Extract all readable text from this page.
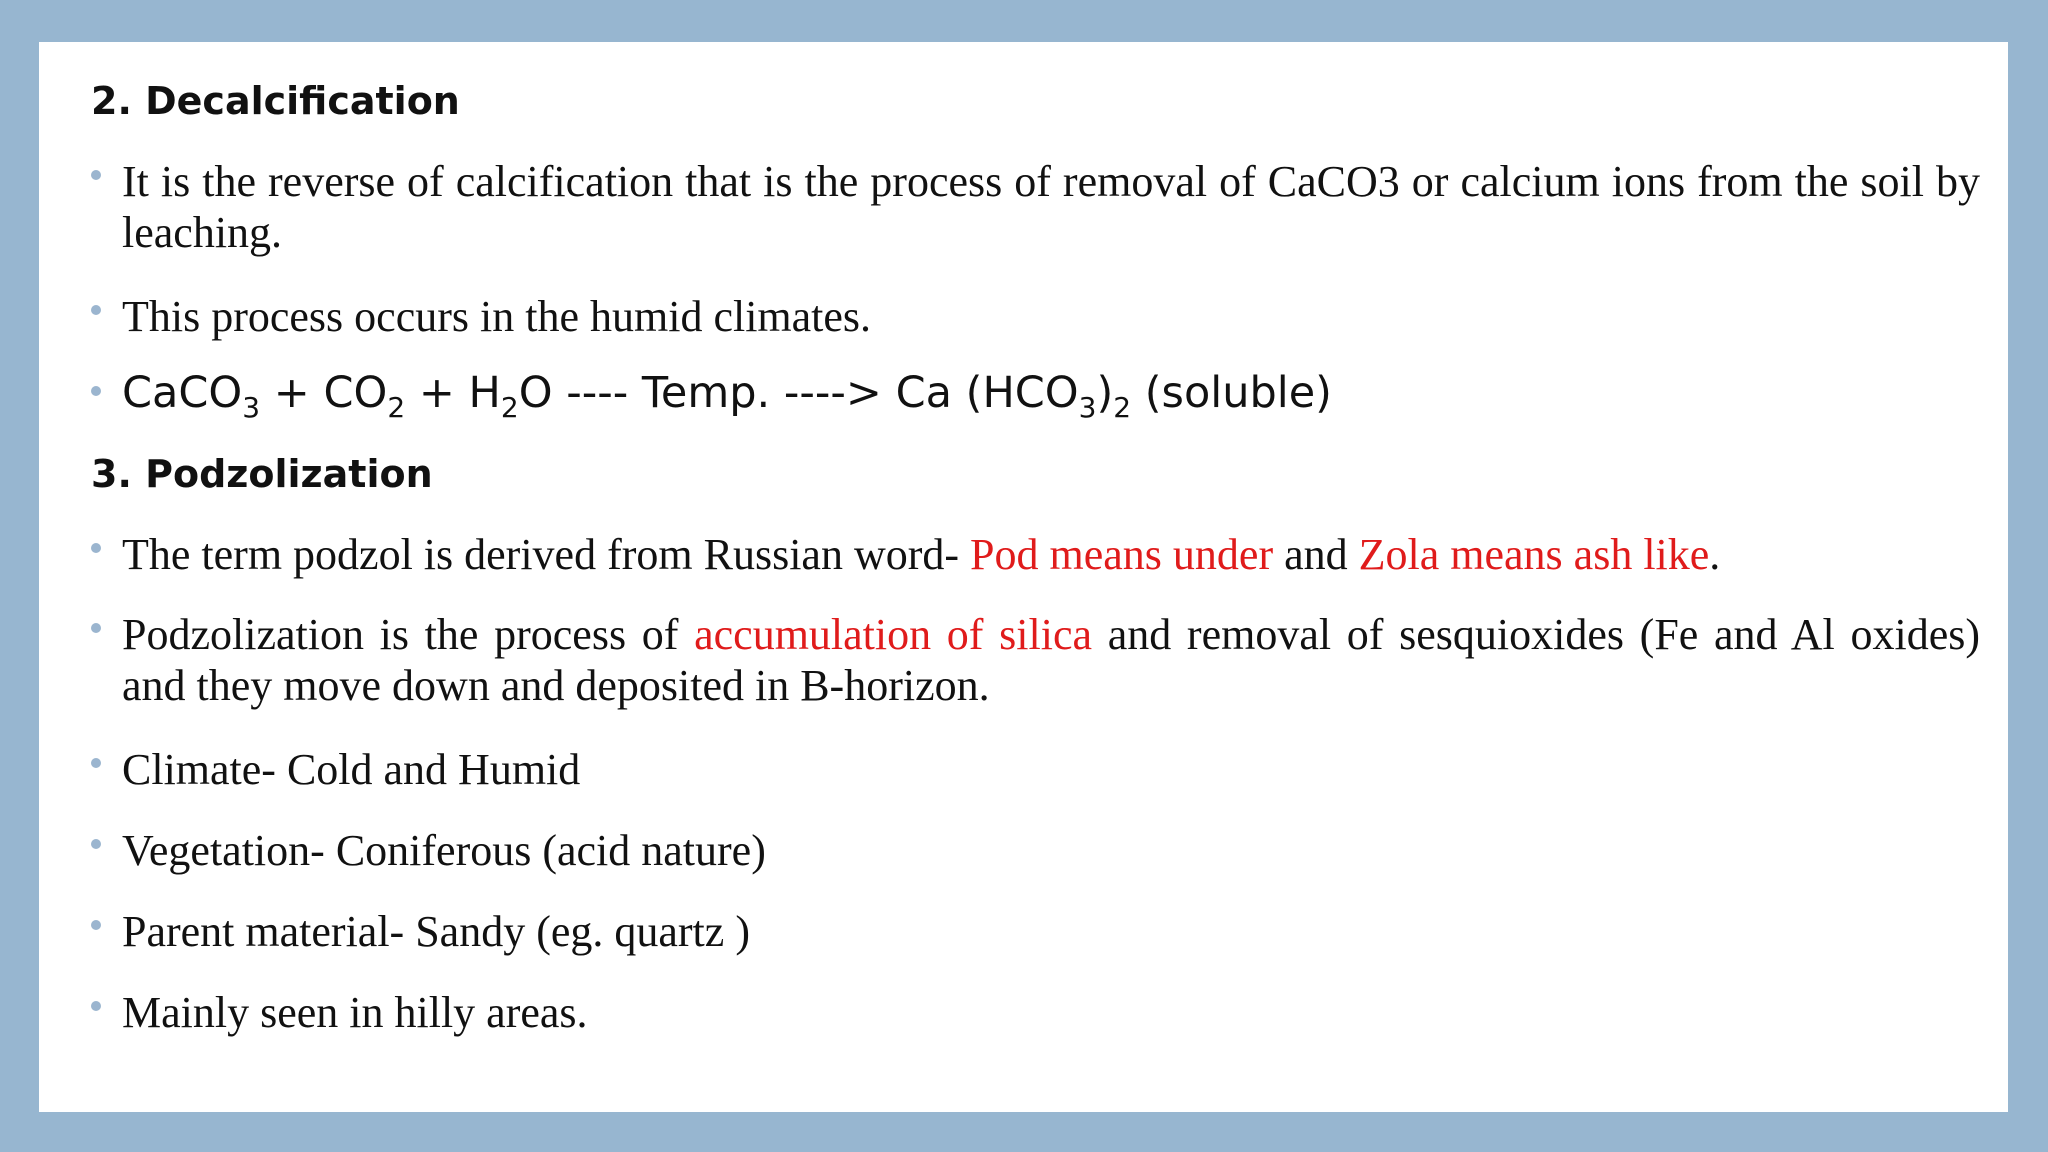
2. Decalcification
It is the reverse of calcification that is the process of removal of CaCO3 or calcium ions from the soil by leaching.
This process occurs in the humid climates.
CaCO$_3$ + $CO_2 + H_2O$ ---- Temp. ----> Ca $(HCO_3)_2$ (soluble)
3. Podzolization
The term podzol is derived from Russian word- Pod means under and Zola means ash like.
Podzolization is the process of accumulation of silica and removal of sesquioxides (Fe and Al oxides) and they move down and deposited in B-horizon.
Climate- Cold and Humid
Vegetation- Coniferous (acid nature)
Parent material- Sandy (eg. quartz )
Mainly seen in hilly areas.
